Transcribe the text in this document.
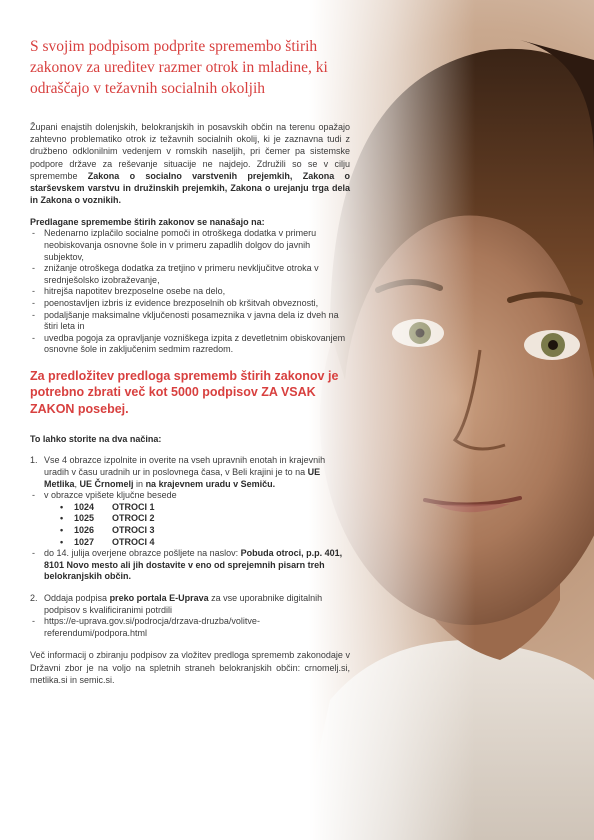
S svojim podpisom podprite spremembo štirih zakonov za ureditev razmer otrok in mladine, ki odraščajo v težavnih socialnih okoljih

Župani enajstih dolenjskih, belokranjskih in posavskih občin na terenu opažajo zahtevno problematiko otrok iz težavnih socialnih okolij, ki je zaznavna tudi z družbeno odklonilnim vedenjem v romskih naseljih, pri čemer pa sistemske podpore države za reševanje situacije ne najdejo. Združili so se v cilju spremembe Zakona o socialno varstvenih prejemkih, Zakona o starševskem varstvu in družinskih prejemkih, Zakona o urejanju trga dela in Zakona o voznikih.

Predlagane spremembe štirih zakonov se nanašajo na:
- Nedenarno izplačilo socialne pomoči in otroškega dodatka v primeru neobiskovanja osnovne šole in v primeru zapadlih dolgov do javnih subjektov,
- znižanje otroškega dodatka za tretjino v primeru nevključitve otroka v srednješolsko izobraževanje,
- hitrejša napotitev brezposelne osebe na delo,
- poenostavljen izbris iz evidence brezposelnih ob kršitvah obveznosti,
- podaljšanje maksimalne vključenosti posameznika v javna dela iz dveh na štiri leta in
- uvedba pogoja za opravljanje vozniškega izpita z devetletnim obiskovanjem osnovne šole in zaključenim sedmim razredom.
Za predložitev predloga sprememb štirih zakonov je potrebno zbrati več kot 5000 podpisov ZA VSAK ZAKON posebej.
To lahko storite na dva načina:
1. Vse 4 obrazce izpolnite in overite na vseh upravnih enotah in krajevnih uradih v času uradnih ur in poslovnega časa, v Beli krajini je to na UE Metlika, UE Črnomelj in na krajevnem uradu v Semiču.
- v obrazce vpišete ključne besede
• 1024 OTROCI 1
• 1025 OTROCI 2
• 1026 OTROCI 3
• 1027 OTROCI 4
- do 14. julija overjene obrazce pošljete na naslov: Pobuda otroci, p.p. 401, 8101 Novo mesto ali jih dostavite v eno od sprejemnih pisarn treh belokranjskih občin.
2. Oddaja podpisa preko portala E-Uprava za vse uporabnike digitalnih podpisov s kvalificiranimi potrdili
- https://e-uprava.gov.si/podrocja/drzava-druzba/volitve-referendumi/podpora.html

Več informacij o zbiranju podpisov za vložitev predloga sprememb zakonodaje v Državni zbor je na voljo na spletnih straneh belokranjskih občin: crnomelj.si, metlika.si in semic.si.
